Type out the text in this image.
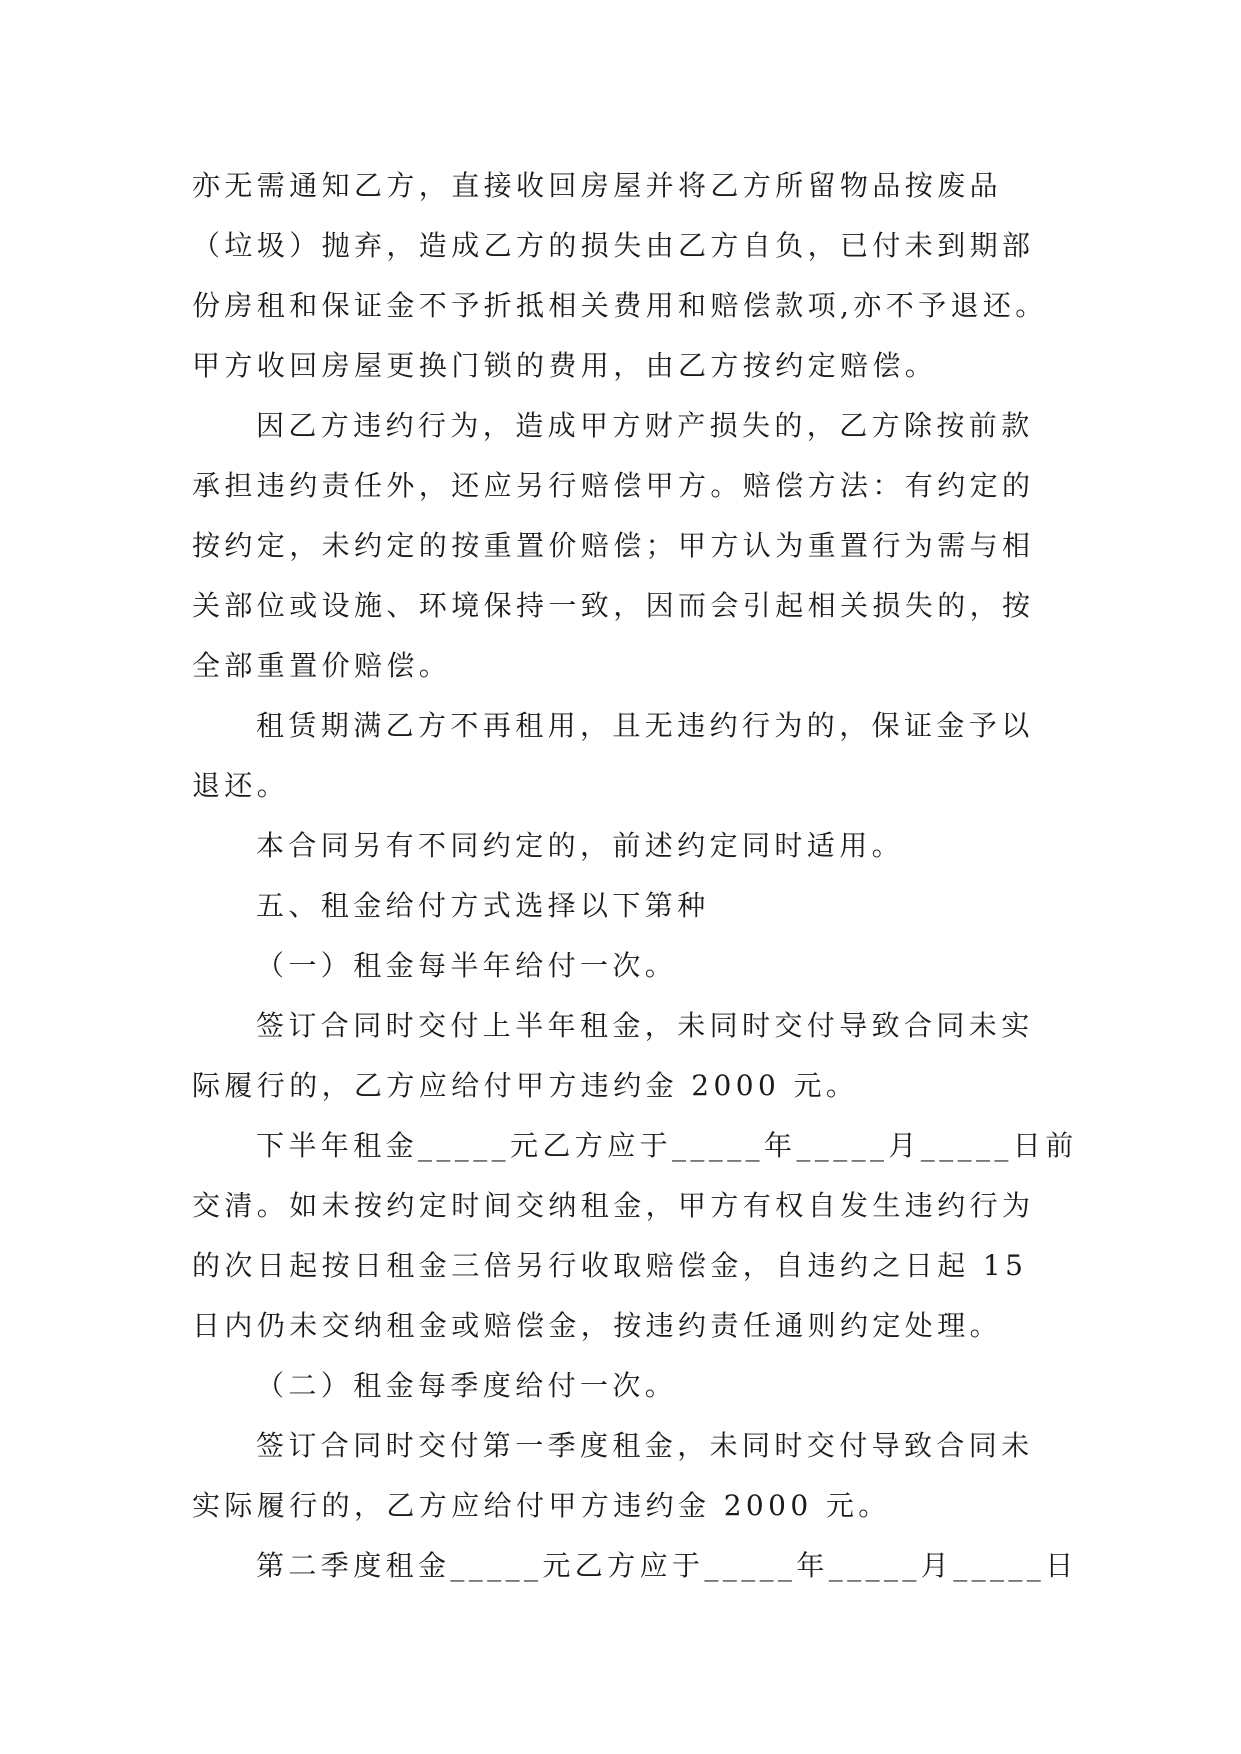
亦无需通知乙方，直接收回房屋并将乙方所留物品按废品
（垃圾）抛弃，造成乙方的损失由乙方自负，已付未到期部
份房租和保证金不予折抵相关费用和赔偿款项,亦不予退还。
甲方收回房屋更换门锁的费用，由乙方按约定赔偿。
因乙方违约行为，造成甲方财产损失的，乙方除按前款
承担违约责任外，还应另行赔偿甲方。赔偿方法：有约定的
按约定，未约定的按重置价赔偿；甲方认为重置行为需与相
关部位或设施、环境保持一致，因而会引起相关损失的，按
全部重置价赔偿。
租赁期满乙方不再租用，且无违约行为的，保证金予以
退还。
本合同另有不同约定的，前述约定同时适用。
五、租金给付方式选择以下第种
（一）租金每半年给付一次。
签订合同时交付上半年租金，未同时交付导致合同未实
际履行的，乙方应给付甲方违约金 2000 元。
下半年租金_____元乙方应于_____年_____月_____日前
交清。如未按约定时间交纳租金，甲方有权自发生违约行为
的次日起按日租金三倍另行收取赔偿金，自违约之日起 15
日内仍未交纳租金或赔偿金，按违约责任通则约定处理。
（二）租金每季度给付一次。
签订合同时交付第一季度租金，未同时交付导致合同未
实际履行的，乙方应给付甲方违约金 2000 元。
第二季度租金_____元乙方应于_____年_____月_____日
